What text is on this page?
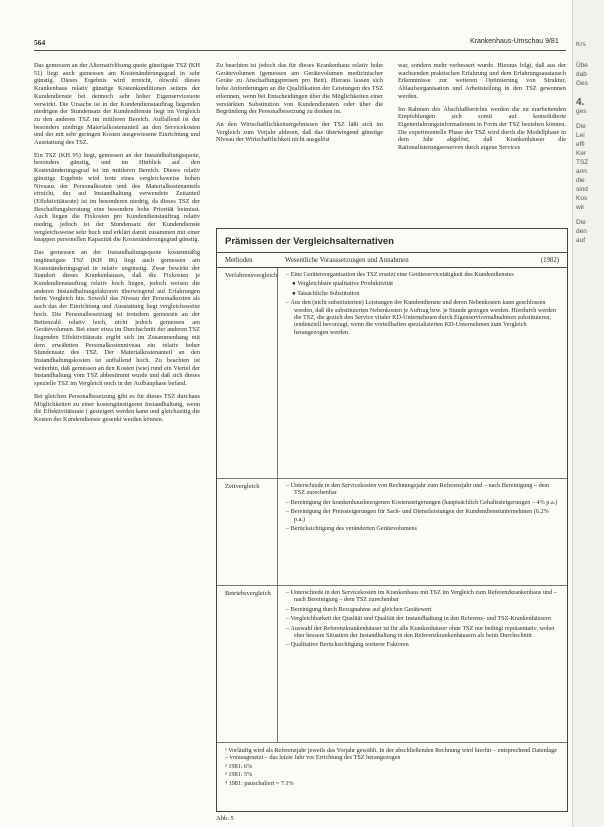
564	Krankenhaus-Umschau 9/81

Das gemessen an der Alternativlösung quote günstigste TSZ (KH 51) liegt auch gemessen am Kostenänderungsgrad in sehr günstig. Dieses Ergebnis wird erreicht, obwohl dieses Krankenhaus relativ günstige Kostenkonditionen seitens der Kundendienste bei dennoch sehr hoher Eigenserviceuote verwirkt. Die Ursache ist in der Kundendienstauftrag liegenden niedrigen der Stundensatz der Kundendienste liegt im Vergleich zu den anderen TSZ im mittleren Bereich. Auffallend ist der besonders niedrige Materialkostenanteil an den Servicekosten und der mit sehr geringen Kosten ausgewiesene Einrichtung und Ausstattung des TSZ.

Ein TSZ (KH 95) liegt, gemessen an der Instandhaltungsquote, besonders günstig, und im Hinblick auf den Kostenänderungsgrad ist im mittleren Bereich. Dieses relativ günstige Ergebnis wird trotz eines vergleichsweise hohen Niveaus der Personalkosten und des Materialkostenanteils erreicht, der auf Instandhaltung verwendete Zeitanteil (Effektivitätsrate) ist im besonderen niedrig, da dieses TSZ der Beschaffungsberatung eine besondere hohe Priorität beimisst. Auch liegen die Fixkosten pro Kundendienstauftrag relativ niedrig, jedoch ist der Stundensatz der Kundendienste vergleichsweise sehr hoch und erklärt damit zusammen mit einer knappen personellen Kapazität die Kostenänderungsgrad günstig.

Das gemessen an der Instandhaltungsquote kostenmäßig ungünstigste TSZ (KH 86) liegt auch gemessen am Kostenänderungsgrad in relativ ungünstig. Zwar bewirkt der Standort dieses Krankenhauses, daß die Fixkosten je Kundendienstauftrag relativ hoch liegen, jedoch weisen die anderen Instandhaltungsfaktoren überwiegend auf Erfahrungen beim Vergleich hin. Sowohl das Niveau der Personalkosten als auch das der Einrichtung und Ausstattung liegt vergleichsweise hoch. Die Personalbesetzung ist trotzdem gemessen an der Bettenzahl relativ hoch, nicht jedoch gemessen am Gerätevolumen. Bei einer etwa im Durchschnitt der anderen TSZ liegenden Effektivitätsrate ergibt sich im Zusammenhang mit dem erwähnten Personalkostenniveau ein relativ hoher Stundensatz des TSZ. Der Materialkostenanteil an den Instandhaltungskosten ist auffallend hoch. Zu beachten ist weiterhin, daß gemessen an den Kosten (wie) rund ein Viertel der Instandhaltung vom TSZ abbestimmt wurde und daß sich dieses spezielle TSZ im Vergleich noch in der Aufbauphase befand.

Bei gleichen Personalbesetzung gibt es für dieses TSZ durchaus Möglichkeiten zu einer kostengünstigeren Instandhaltung, wenn die Effektivitätsrate ( gesteigert werden kann und gleichzeitig die Kosten der Kundendienste gesenkt werden können.

Zu beachten ist jedoch das für dieses Krankenhaus relativ hohe Gerätevolumen (gemessen am Gerätevolumen medizinischer Geräte zu Anschaffungspreisen pro Bett). Hieraus lassen sich hohe Anforderungen an die Qualifikation der Leistungen des TSZ erkennen, wenn bei Entscheidungen über die Möglichkeiten einer verstärkten Substitution von Kundendiensten oder über die Begründung der Personalbesetzung zu denken ist.

An den Wirtschaftlichkeitsergebnissen der TSZ läßt sich im Vergleich zum Vorjahr ablesen, daß das überwiegend günstige Niveau der Wirtschaftlichkeit nicht ausgelöst

war, sondern mehr verbessert wurde. Hieraus folgt, daß aus der wachsenden praktischen Erfahrung und dem Erfahrungsaustausch Erkenntnisse zur weiteren Optimierung von Struktur, Ablaufsorganisation und Arbeitsteilung in den TSZ gewonnen werden.

Im Rahmen des Abschlußberichts werden die zu erarbeitenden Empfehlungen sich somit auf konsolidierte Eigenerfahrungsinformationen in Form der TSZ beziehen können. Die experimentelle Phase der TSZ wird durch die Modellphase in dem Jahr abgelöst, daß Krankenhäuser die Rationalisierungsreserven durch eigene Services

Prämissen der Vergleichsalternativen
Methoden	Wesentliche Voraussetzungen und Annahmen	(1982)
Verfahrensvergleich – Eine Gerätereorganisation des TSZ ersetzt eine Geräteservicetätigkeit des Kundendienstes
● Vergleichbare qualitative Produktivität
● Tatsächliche Substitution
– Aus den (nicht substituierten) Leistungen der Kundendienste und deren Nebenkosten kann geschlossen werden, daß die substituierten Nebenkosten je Auftrag bzw. je Stunde gezogen werden. Hierdurch werden die TSZ, die gezielt den Service vitaler KD-Unternehmen durch Eigenservicemaßnahmen substituieren, tendenziell bevorzugt, wenn die vorteilhaften spezialisierten KD-Unternehmen zum Vergleich herangezogen werden.
Zeitvergleich	– Unterschiede in den Servicekosten von Rechnungsjahr zum Referenzjahr und – nach Bereinigung – dem TSZ zurechenbar
– Bereinigung der krankenhausbezogenen Kostensteigerungen (hauptsächlich Gehaltssteigerungen – 4% p.a.)
– Bereinigung der Preissteigerungen für Sach- und Dienstleistungen der Kundendienstunternehmen (6.2% p.a.)
– Berücksichtigung des veränderten Gerätevolumens
Betriebsvergleich	– Unterschiede in den Servicekosten im Krankenhaus mit TSZ im Vergleich zum Referenzkrankenhaus und – nach Bereinigung – dem TSZ zurechenbar
– Bereinigung durch Bezugnahme auf gleichen Gerätewert
– Vergleichbarkeit der Qualität und Qualität der Instandhaltung in den Referenz- und TSZ-Krankenhäusern
– Auswahl der Referenzkrankenhäuser ist für alle Krankenhäuser ohne TSZ nur bedingt repräsentativ, wobei eher bessere Situation der Instandhaltung in den Referenzkrankenhäusern als beim Durchschnitt
– Qualitative Berücksichtigung weiterer Faktoren
¹ Vorläufig wird als Referenzjahr jeweils das Vorjahr gewählt. In der abschließenden Rechnung wird hierfür – entsprechend Datenlage – vorausgesetzt – das letzte Jahr vor Errichtung des TSZ herangezogen
² 1981: 6%
³ 1981: 5%
⁴ 1981: pauschaliert = 7.1%
Abb. 5
Krs
Übe
dab
Ges
4.
ges
Die
Lei
effi
Ker
TSZ
ann
die
sind
Kos
wir
Die
den
auf
